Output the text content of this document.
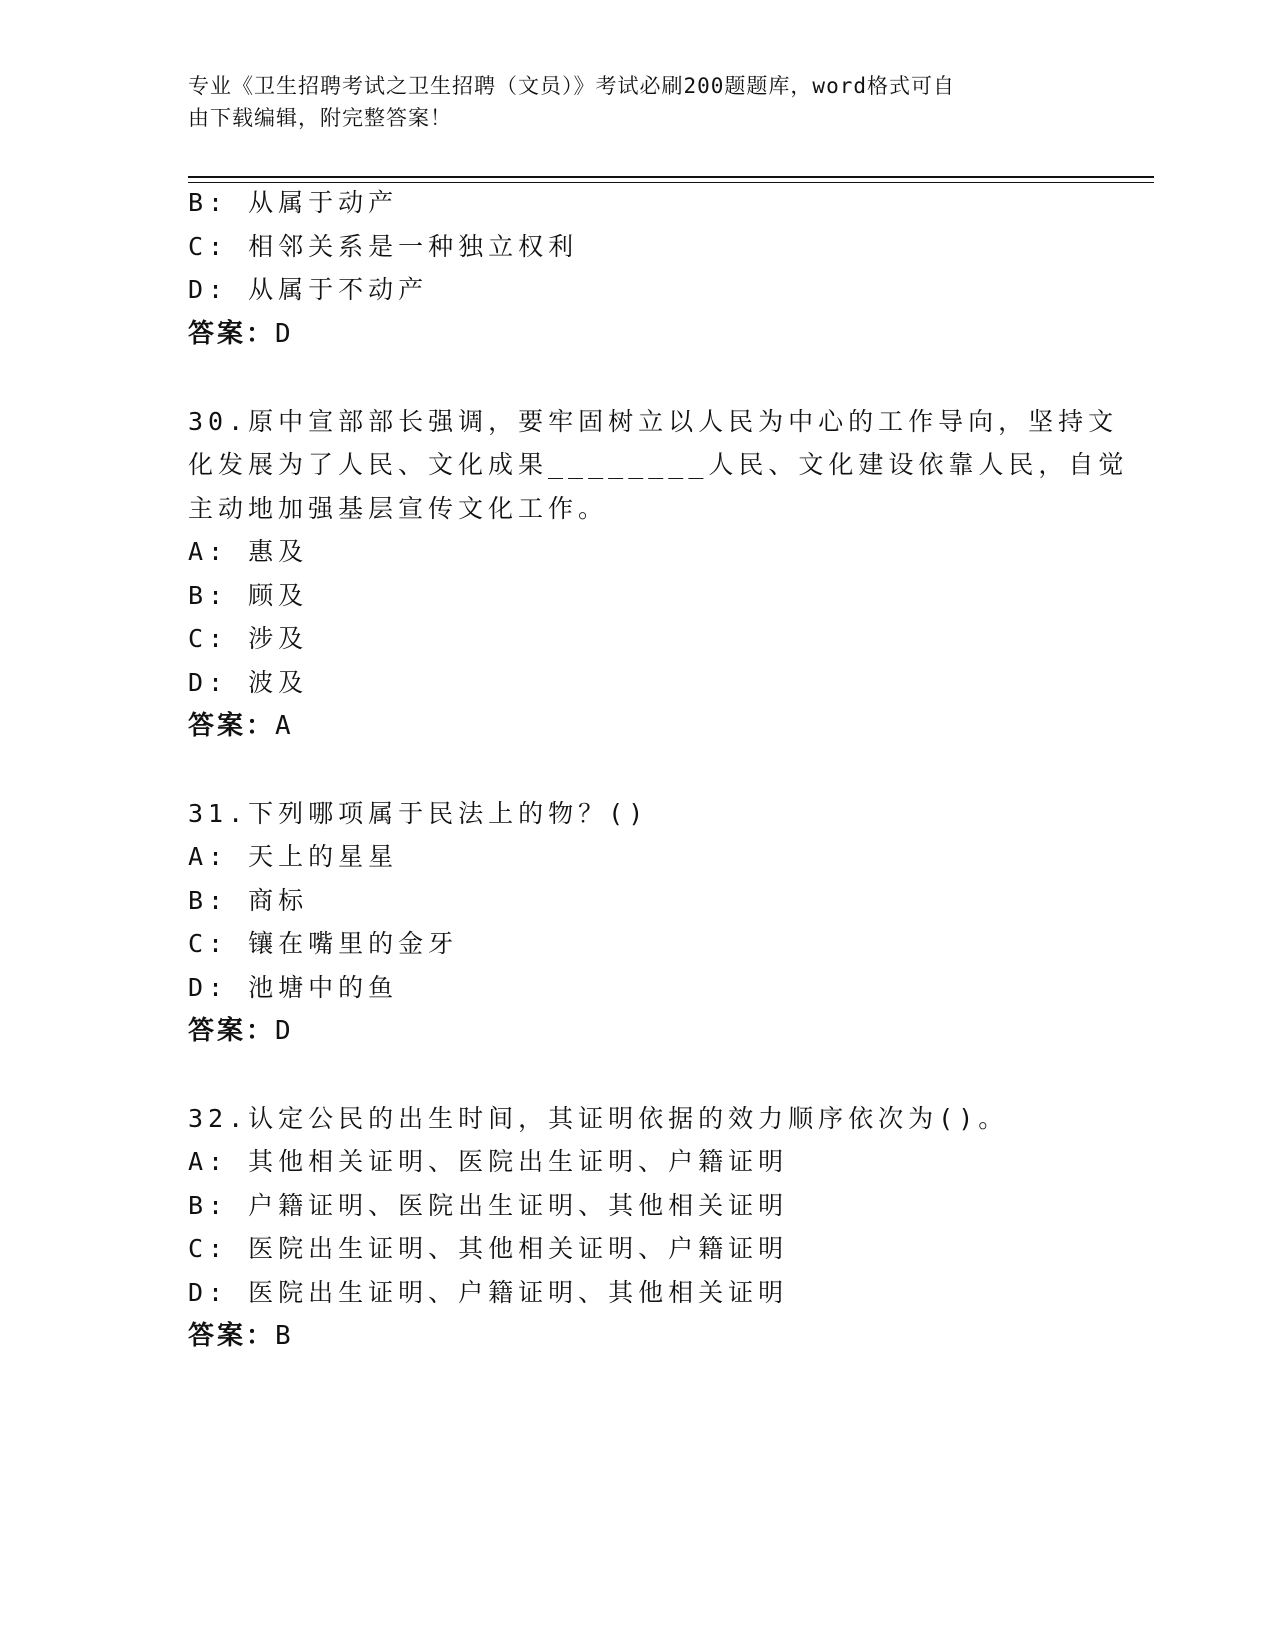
专业《卫生招聘考试之卫生招聘（文员）》考试必刷200题题库，word格式可自
由下载编辑，附完整答案！
B: 从属于动产
C: 相邻关系是一种独立权利
D: 从属于不动产
答案：D
30.原中宣部部长强调，要牢固树立以人民为中心的工作导向，坚持文
化发展为了人民、文化成果________人民、文化建设依靠人民，自觉
主动地加强基层宣传文化工作。
A: 惠及
B: 顾及
C: 涉及
D: 波及
答案：A
31.下列哪项属于民法上的物？()
A: 天上的星星
B: 商标
C: 镶在嘴里的金牙
D: 池塘中的鱼
答案：D
32.认定公民的出生时间，其证明依据的效力顺序依次为()。
A: 其他相关证明、医院出生证明、户籍证明
B: 户籍证明、医院出生证明、其他相关证明
C: 医院出生证明、其他相关证明、户籍证明
D: 医院出生证明、户籍证明、其他相关证明
答案：B
